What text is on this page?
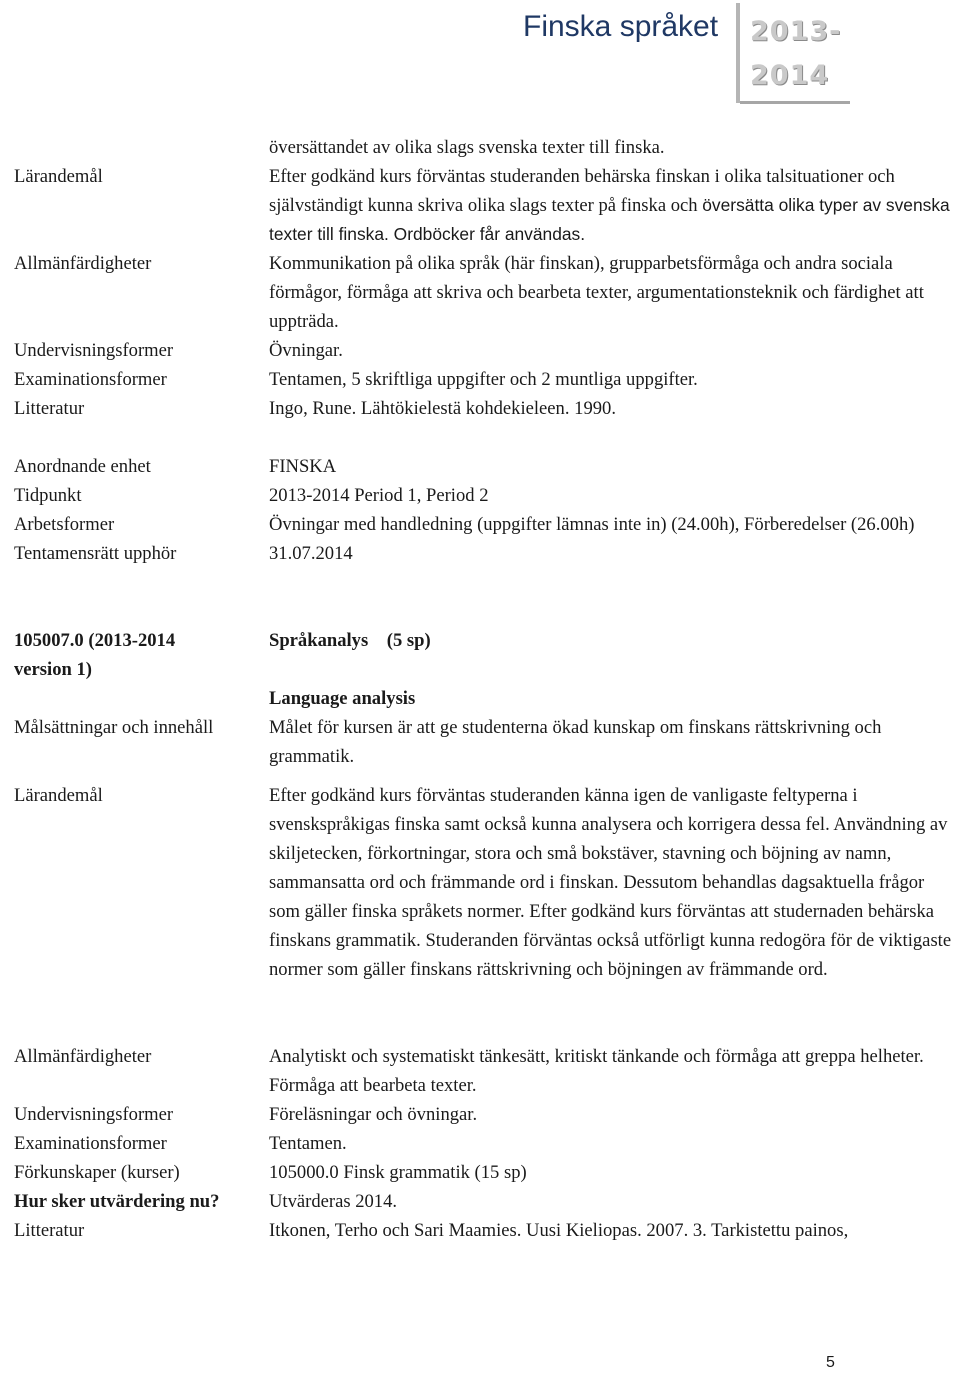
Finska språket 2013-
2014
översättandet av olika slags svenska texter till finska.
Lärandemål	Efter godkänd kurs förväntas studeranden behärska finskan i olika talsituationer och självständigt kunna skriva olika slags texter på finska och översätta olika typer av svenska texter till finska. Ordböcker får användas.
Allmänfärdigheter	Kommunikation på olika språk (här finskan), grupparbetsförmåga och andra sociala förmågor, förmåga att skriva och bearbeta texter, argumentationsteknik och färdighet att uppträda.
Undervisningsformer	Övningar.
Examinationsformer	Tentamen, 5 skriftliga uppgifter och 2 muntliga uppgifter.
Litteratur	Ingo, Rune. Lähtökielestä kohdekieleen. 1990.
Anordnande enhet	FINSKA
Tidpunkt	2013-2014 Period 1, Period 2
Arbetsformer	Övningar med handledning (uppgifter lämnas inte in) (24.00h), Förberedelser (26.00h)
Tentamensrätt upphör	31.07.2014
105007.0 (2013-2014 version 1)
Språkanalys    (5 sp)
Language analysis
Målsättningar och innehåll	Målet för kursen är att ge studenterna ökad kunskap om finskans rättskrivning och grammatik.
Lärandemål	Efter godkänd kurs förväntas studeranden känna igen de vanligaste feltyperna i svenskspråkigas finska samt också kunna analysera och korrigera dessa fel. Användning av skiljetecken, förkortningar, stora och små bokstäver, stavning och böjning av namn, sammansatta ord och främmande ord i finskan. Dessutom behandlas dagsaktuella frågor som gäller finska språkets normer. Efter godkänd kurs förväntas att studernaden behärska finskans grammatik. Studeranden förväntas också utförligt kunna redogöra för de viktigaste normer som gäller finskans rättskrivning och böjningen av främmande ord.
Allmänfärdigheter	Analytiskt och systematiskt tänkesätt, kritiskt tänkande och förmåga att greppa helheter. Förmåga att bearbeta texter.
Undervisningsformer	Föreläsningar och övningar.
Examinationsformer	Tentamen.
Förkunskaper (kurser)	105000.0 Finsk grammatik (15 sp)
Hur sker utvärdering nu?	Utvärderas 2014.
Litteratur	Itkonen, Terho och Sari Maamies. Uusi Kieliopas. 2007. 3. Tarkistettu painos,
5
